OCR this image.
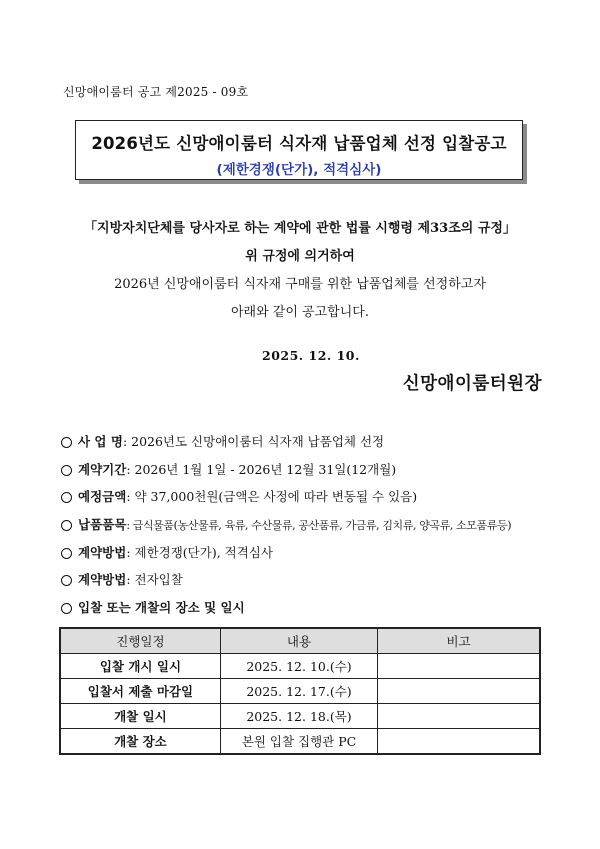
신망애이룸터 공고 제2025 - 09호
2026년도 신망애이룸터 식자재 납품업체 선정 입찰공고
(제한경쟁(단가), 적격심사)
「지방자치단체를 당사자로 하는 계약에 관한 법률 시행령 제33조의 규정」
위 규정에 의거하여
2026년 신망애이룸터 식자재 구매를 위한 납품업체를 선정하고자
아래와 같이 공고합니다.
2025. 12. 10.
신망애이룸터원장
사 업 명: 2026년도 신망애이룸터 식자재 납품업체 선정
계약기간: 2026년 1월 1일 - 2026년 12월 31일(12개월)
예정금액: 약 37,000천원(금액은 사정에 따라 변동될 수 있음)
납품품목: 급식물품(농산물류, 육류, 수산물류, 공산품류, 가금류, 김치류, 양곡류, 소모품류등)
계약방법: 제한경쟁(단가), 적격심사
계약방법: 전자입찰
입찰 또는 개찰의 장소 및 일시
진행일정	내용	비고
입찰 개시 일시	2025. 12. 10.(수)	
입찰서 제출 마감일	2025. 12. 17.(수)	
개찰 일시	2025. 12. 18.(목)	
개찰 장소	본원 입찰 집행관 PC	
